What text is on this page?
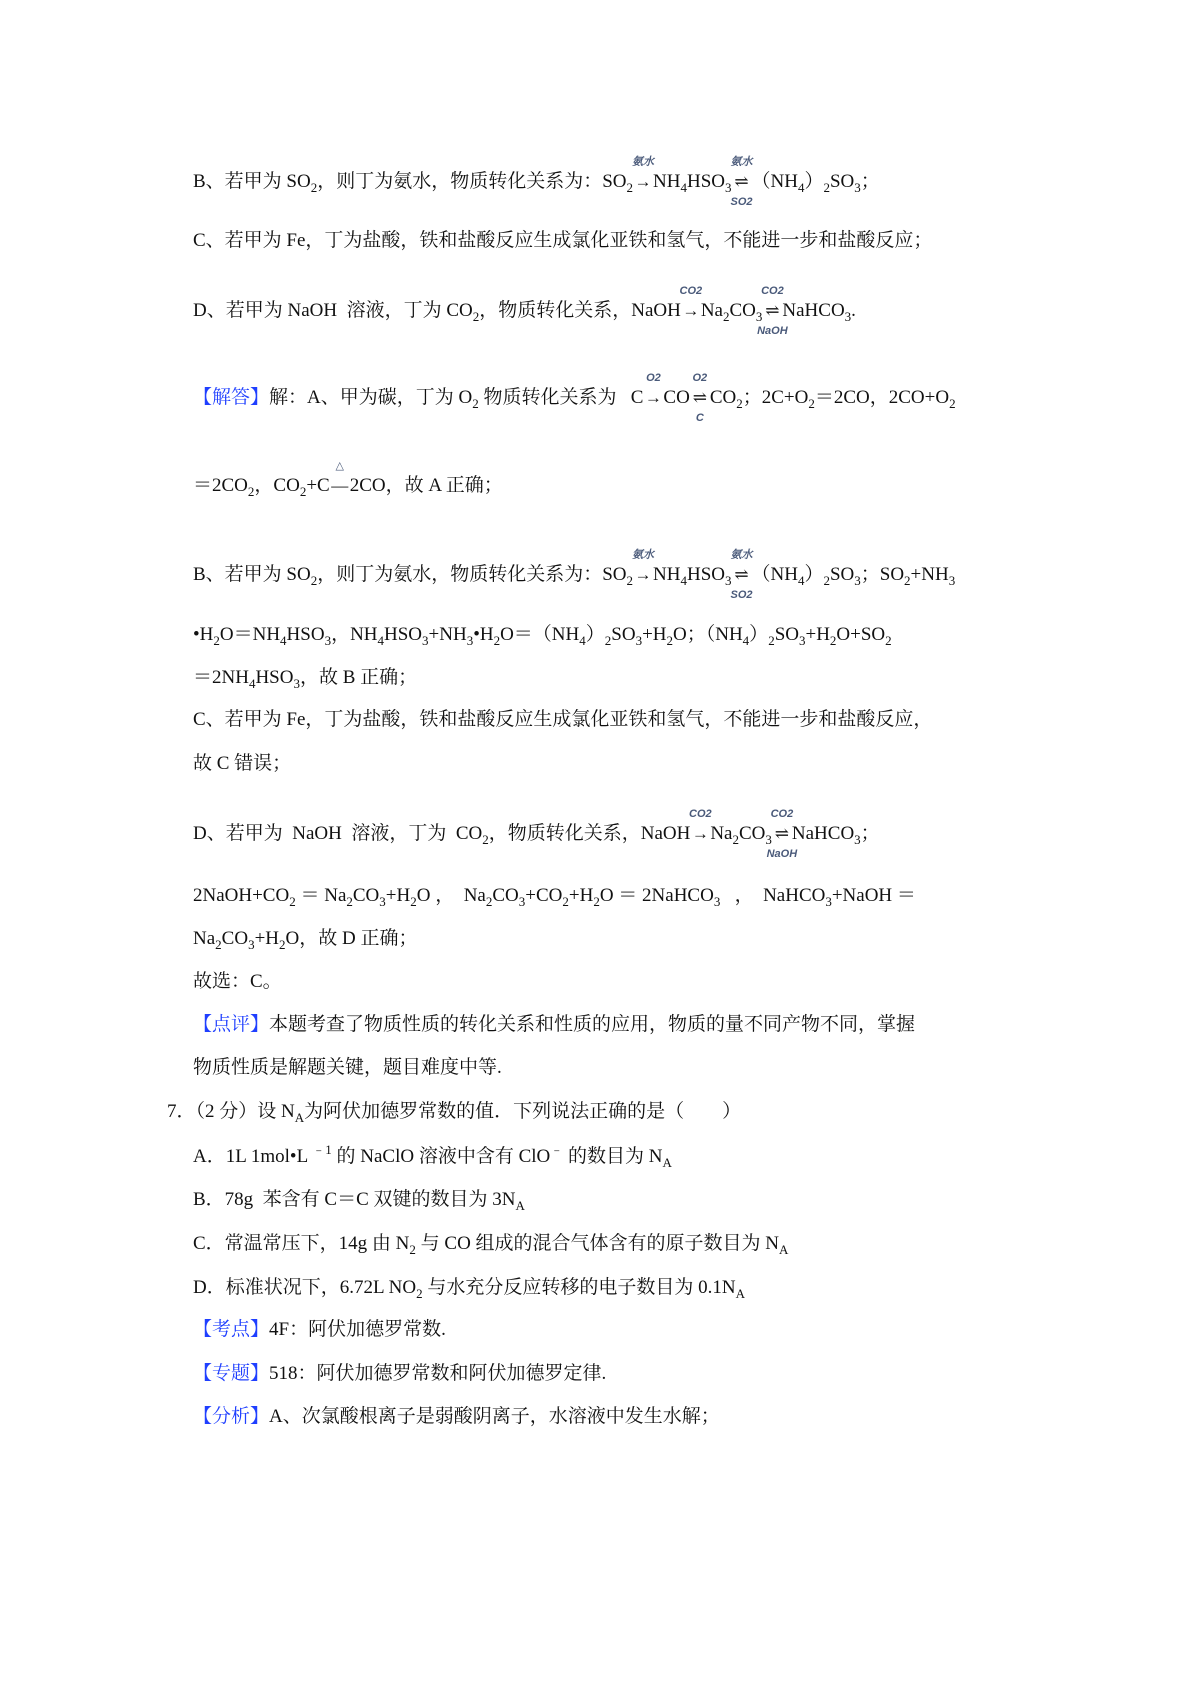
B、若甲为 $SO_2$，则丁为氨水，物质转化关系为：$SO_2\to$
氨水
$NH_4HSO_3$ ⇌
氨水
SO2
$(NH_4)_2SO_3$；
C、若甲为 Fe，丁为盐酸，铁和盐酸反应生成氯化亚铁和氢气，不能进一步和盐酸反应；
D、若甲为 NaOH  溶液，丁为 $CO_2$，物质转化关系，NaOH→
CO2
$Na_2CO_3$ ⇌
CO2
NaOH
NaHCO$_3$.
【解答】解：A、甲为碳，丁为 $O_2$ 物质转化关系为   C→
O2
CO ⇌
O2
C
$CO_2$；$2C+O_2=2CO$，$2CO+O_2$
$=2CO_2$，$CO_2+C—$
△
2CO，故 A 正确；
B、若甲为 $SO_2$，则丁为氨水，物质转化关系为：$SO_2\to$
氨水
$NH_4HSO_3$ ⇌
氨水
SO2
$(NH_4)_2SO_3$；$SO_2+NH_3$
$•H_2O=NH_4HSO_3$，$NH_4HSO_3+NH_3•H_2O=(NH_4)_2SO_3+H_2O$；$(NH_4)_2SO_3+H_2O+SO_2$
$=2NH_4HSO_3$，故 B 正确；
C、若甲为 Fe，丁为盐酸，铁和盐酸反应生成氯化亚铁和氢气，不能进一步和盐酸反应，
故 C 错误；
D、若甲为  NaOH  溶液，丁为  $CO_2$，物质转化关系，NaOH→
CO2
$Na_2CO_3$ ⇌
CO2
NaOH
NaHCO$_3$；
$2NaOH+CO_2 = Na_2CO_3+H_2O$ ，  $Na_2CO_3+CO_2+H_2O$ ＝ 2NaHCO$_3$   ，  NaHCO$_3$+NaOH ＝
$Na_2CO_3+H_2O$，故 D 正确；
故选：C。
【点评】本题考查了物质性质的转化关系和性质的应用，物质的量不同产物不同，掌握
物质性质是解题关键，题目难度中等.
7．（2 分）设 $N_A$为阿伏加德罗常数的值．下列说法正确的是（　　）
A．1L 1mol•L $^{﹣1}$ 的 NaClO 溶液中含有 ClO﹣ 的数目为 $N_A$
B．78g  苯含有 C＝C 双键的数目为 $3N_A$
C．常温常压下，14g 由 $N_2$ 与 CO 组成的混合气体含有的原子数目为 $N_A$
D．标准状况下，6.72L $NO_2$ 与水充分反应转移的电子数目为 $0.1N_A$
【考点】4F：阿伏加德罗常数.
【专题】518：阿伏加德罗常数和阿伏加德罗定律.
【分析】A、次氯酸根离子是弱酸阴离子，水溶液中发生水解；
